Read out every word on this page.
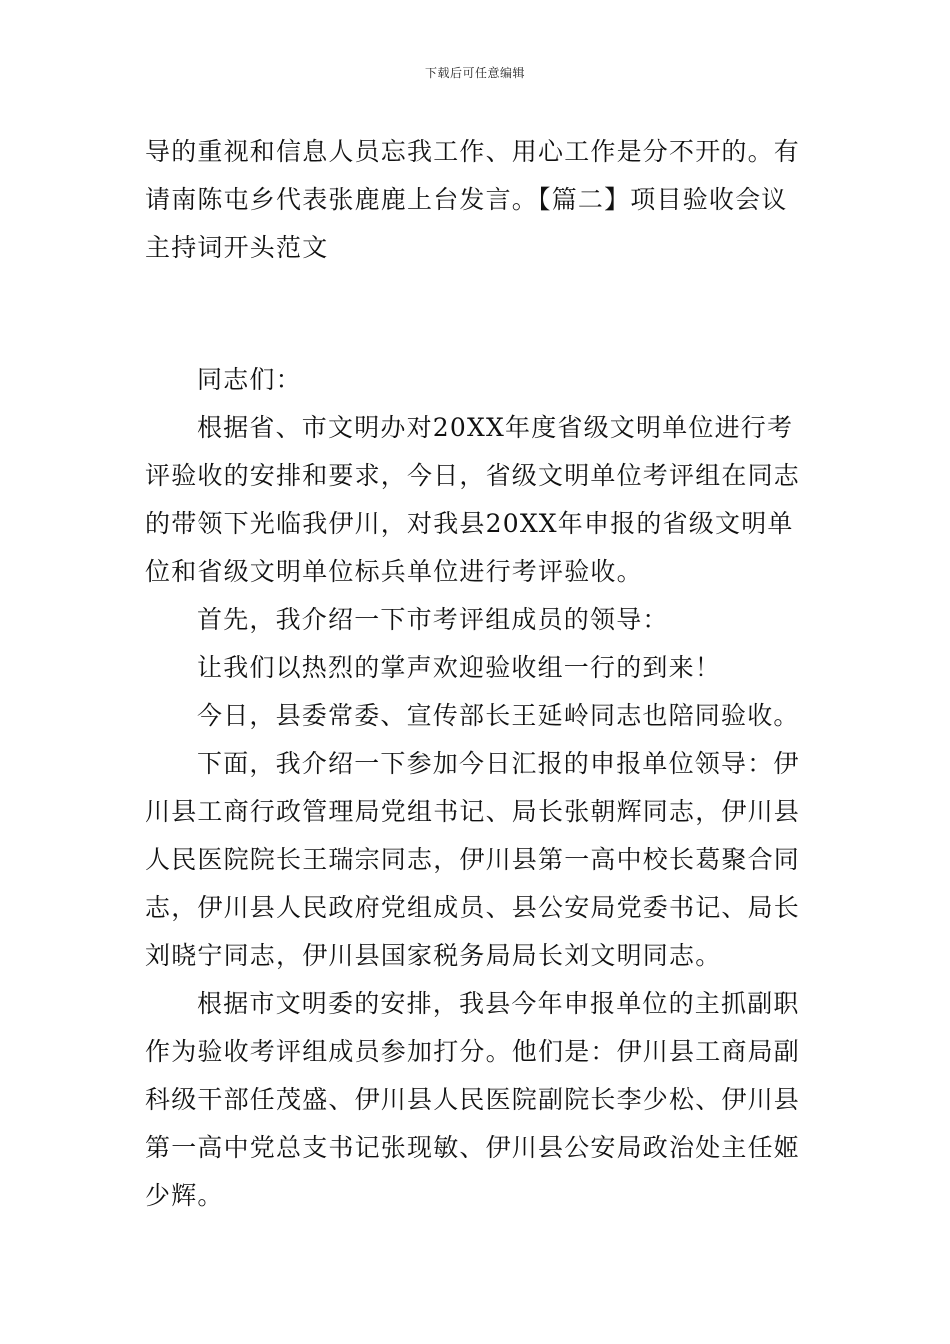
下载后可任意编辑

导的重视和信息人员忘我工作、用心工作是分不开的。有请南陈屯乡代表张鹿鹿上台发言。【篇二】项目验收会议主持词开头范文

同志们：

根据省、市文明办对20XX年度省级文明单位进行考评验收的安排和要求，今日，省级文明单位考评组在同志的带领下光临我伊川，对我县20XX年申报的省级文明单位和省级文明单位标兵单位进行考评验收。

首先，我介绍一下市考评组成员的领导：

让我们以热烈的掌声欢迎验收组一行的到来！

今日，县委常委、宣传部长王延岭同志也陪同验收。

下面，我介绍一下参加今日汇报的申报单位领导：伊川县工商行政管理局党组书记、局长张朝辉同志，伊川县人民医院院长王瑞宗同志，伊川县第一高中校长葛聚合同志，伊川县人民政府党组成员、县公安局党委书记、局长刘晓宁同志，伊川县国家税务局局长刘文明同志。

根据市文明委的安排，我县今年申报单位的主抓副职作为验收考评组成员参加打分。他们是：伊川县工商局副科级干部任茂盛、伊川县人民医院副院长李少松、伊川县第一高中党总支书记张现敏、伊川县公安局政治处主任姬少辉。
